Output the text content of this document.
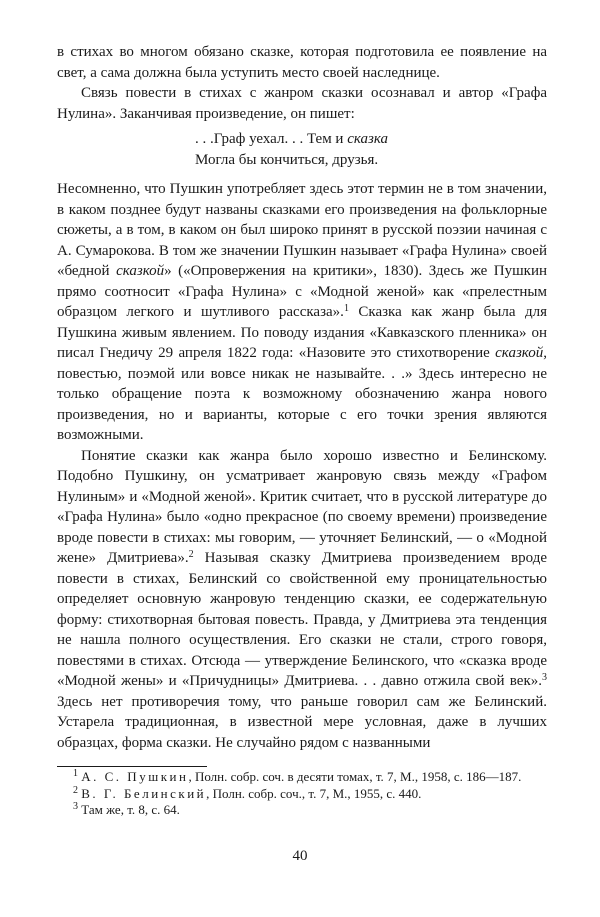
в стихах во многом обязано сказке, которая подготовила ее появление на свет, а сама должна была уступить место своей наследнице.

Связь повести в стихах с жанром сказки осознавал и автор «Графа Нулина». Заканчивая произведение, он пишет:

. . .Граф уехал. . . Тем и сказка
Могла бы кончиться, друзья.

Несомненно, что Пушкин употребляет здесь этот термин не в том значении, в каком позднее будут названы сказками его произведения на фольклорные сюжеты, а в том, в каком он был широко принят в русской поэзии начиная с А. Сумарокова. В том же значении Пушкин называет «Графа Нулина» своей «бедной сказкой» («Опровержения на критики», 1830). Здесь же Пушкин прямо соотносит «Графа Нулина» с «Модной женой» как «прелестным образцом легкого и шутливого рассказа».$^1$ Сказка как жанр была для Пушкина живым явлением. По поводу издания «Кавказского пленника» он писал Гнедичу 29 апреля 1822 года: «Назовите это стихотворение сказкой, повестью, поэмой или вовсе никак не называйте. . .» Здесь интересно не только обращение поэта к возможному обозначению жанра нового произведения, но и варианты, которые с его точки зрения являются возможными.

Понятие сказки как жанра было хорошо известно и Белинскому. Подобно Пушкину, он усматривает жанровую связь между «Графом Нулиным» и «Модной женой». Критик считает, что в русской литературе до «Графа Нулина» было «одно прекрасное (по своему времени) произведение вроде повести в стихах: мы говорим, — уточняет Белинский, — о «Модной жене» Дмитриева».$^2$ Называя сказку Дмитриева произведением вроде повести в стихах, Белинский со свойственной ему проницательностью определяет основную жанровую тенденцию сказки, ее содержательную форму: стихотворная бытовая повесть. Правда, у Дмитриева эта тенденция не нашла полного осуществления. Его сказки не стали, строго говоря, повестями в стихах. Отсюда — утверждение Белинского, что «сказка вроде «Модной жены» и «Причудницы» Дмитриева. . . давно отжила свой век».$^3$ Здесь нет противоречия тому, что раньше говорил сам же Белинский. Устарела традиционная, в известной мере условная, даже в лучших образцах, форма сказки. Не случайно рядом с названными

$^1$ А. С. Пушкин, Полн. собр. соч. в десяти томах, т. 7, М., 1958, с. 186—187.

$^2$ В. Г. Белинский, Полн. собр. соч., т. 7, М., 1955, с. 440.

$^3$ Там же, т. 8, с. 64.

40
